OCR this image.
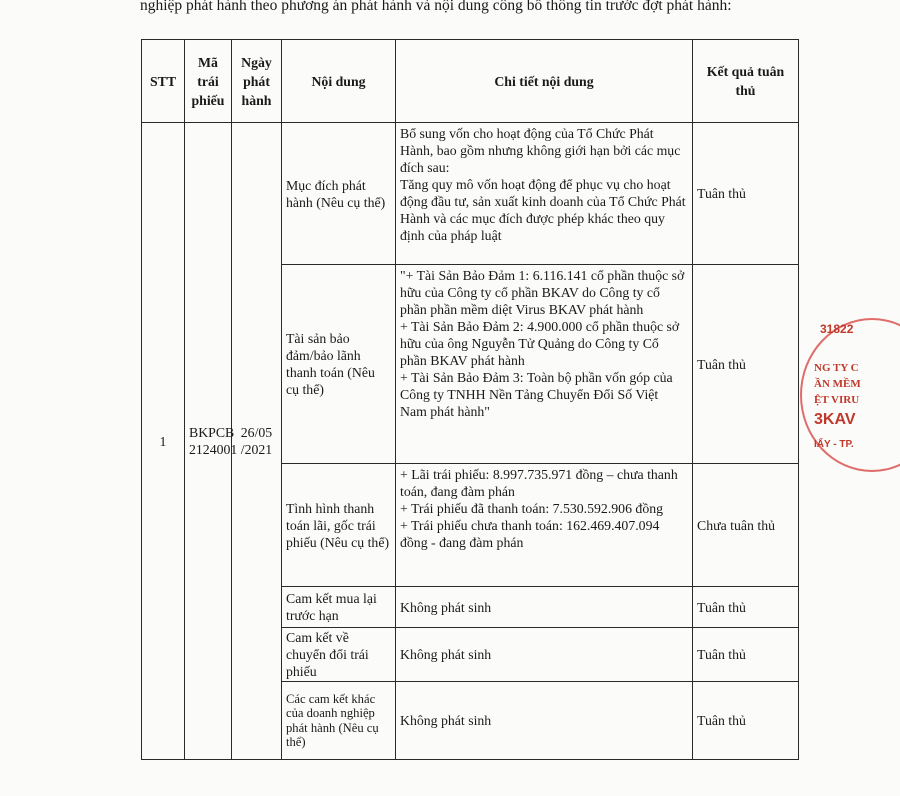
nghiệp phát hành theo phương án phát hành và nội dung công bố thông tin trước đợt phát hành:
STT	Mã trái phiếu	Ngày phát hành	Nội dung	Chi tiết nội dung	Kết quả tuân thủ
1	BKPCB 2124001	26/05 /2021	Mục đích phát hành (Nêu cụ thể)	Bổ sung vốn cho hoạt động của Tổ Chức Phát Hành, bao gồm nhưng không giới hạn bởi các mục đích sau:
Tăng quy mô vốn hoạt động để phục vụ cho hoạt động đầu tư, sản xuất kinh doanh của Tổ Chức Phát Hành và các mục đích được phép khác theo quy định của pháp luật	Tuân thủ
			Tài sản bảo đảm/bảo lãnh thanh toán (Nêu cụ thể)	"+ Tài Sản Bảo Đảm 1: 6.116.141 cổ phần thuộc sở hữu của Công ty cổ phần BKAV do Công ty cổ phần phần mềm diệt Virus BKAV phát hành
+ Tài Sản Bảo Đảm 2: 4.900.000 cổ phần thuộc sở hữu của ông Nguyễn Tử Quảng do Công ty Cổ phần BKAV phát hành
+ Tài Sản Bảo Đảm 3: Toàn bộ phần vốn góp của Công ty TNHH Nền Tảng Chuyển Đổi Số Việt Nam phát hành"	Tuân thủ
			Tình hình thanh toán lãi, gốc trái phiếu (Nêu cụ thể)	+ Lãi trái phiếu: 8.997.735.971 đồng – chưa thanh toán, đang đàm phán
+ Trái phiếu đã thanh toán: 7.530.592.906 đồng
+ Trái phiếu chưa thanh toán: 162.469.407.094 đồng - đang đàm phán	Chưa tuân thủ
			Cam kết mua lại trước hạn	Không phát sinh	Tuân thủ
			Cam kết về chuyển đổi trái phiếu	Không phát sinh	Tuân thủ
			Các cam kết khác của doanh nghiệp phát hành (Nêu cụ thể)	Không phát sinh	Tuân thủ
31822
NG TY C
ẦN MỀM
ỆT VIRU
3KAV
IẤY - TP.
